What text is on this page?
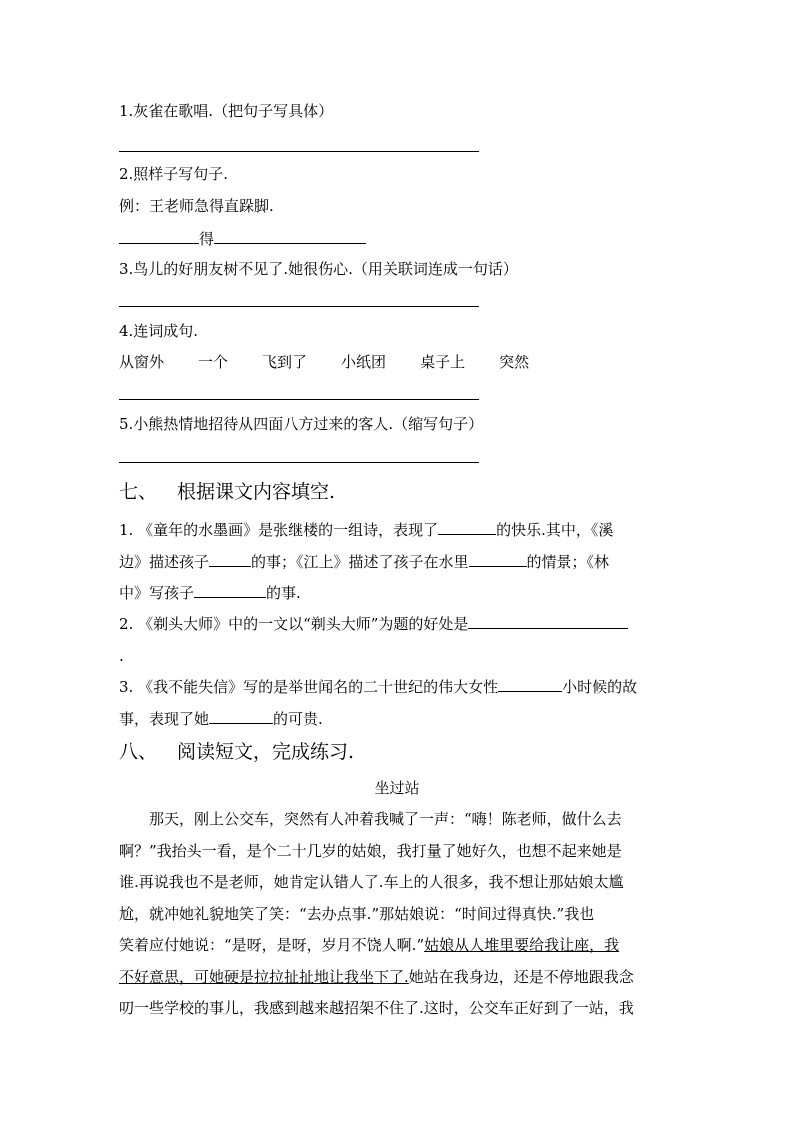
1.灰雀在歌唱.（把句子写具体）
2.照样子写句子.
例：王老师急得直跺脚.
得
3.鸟儿的好朋友树不见了.她很伤心.（用关联词连成一句话）
4.连词成句.
从窗外 一个 飞到了 小纸团 桌子上 突然
5.小熊热情地招待从四面八方过来的客人.（缩写句子）
七、 根据课文内容填空.
1. 《童年的水墨画》是张继楼的一组诗，表现了	的快乐.其中，《溪
边》描述孩子	的事；《江上》描述了孩子在水里	的情景；《林
中》写孩子	的事.
2. 《剃头大师》中的一文以“剃头大师”为题的好处是
.
3. 《我不能失信》写的是举世闻名的二十世纪的伟大女性	小时候的故
事，表现了她	的可贵.
八、 阅读短文，完成练习.
坐过站
那天，刚上公交车，突然有人冲着我喊了一声：“嗨！陈老师，做什么去
啊？”我抬头一看，是个二十几岁的姑娘，我打量了她好久，也想不起来她是
谁.再说我也不是老师，她肯定认错人了.车上的人很多，我不想让那姑娘太尴
尬，就冲她礼貌地笑了笑：“去办点事.”那姑娘说：“时间过得真快.”我也
笑着应付她说：“是呀，是呀，岁月不饶人啊.”姑娘从人堆里要给我让座，我
不好意思，可她硬是拉拉扯扯地让我坐下了.她站在我身边，还是不停地跟我念
叨一些学校的事儿，我感到越来越招架不住了.这时，公交车正好到了一站，我
